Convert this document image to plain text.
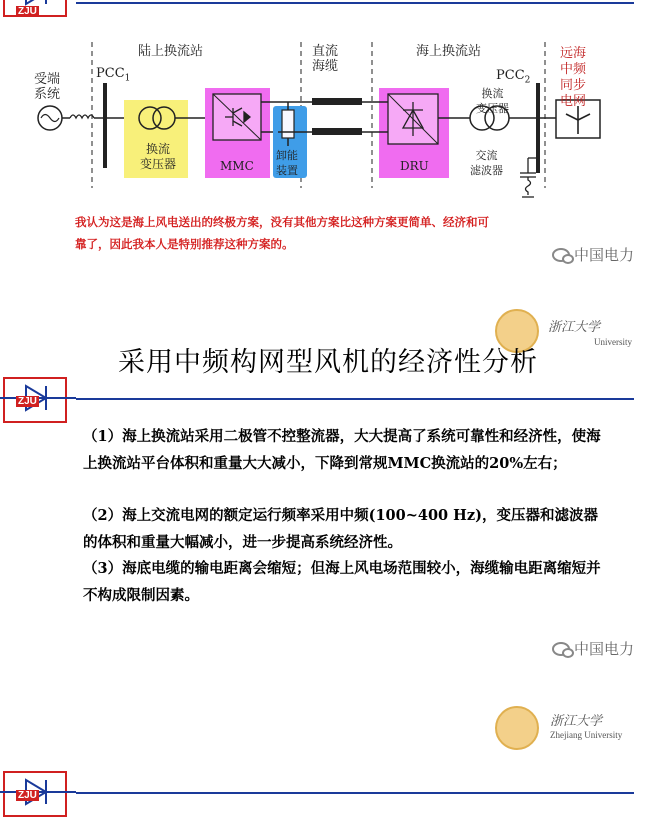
ZJU
陆上换流站	直流
海缆
海上换流站
受端
系统
$PCC_1$
换流
变压器	MMC
卸能
装置	DRU
换流
变压器
$PCC_2$
交流
滤波器
远海
中频
同步
电网
我认为这是海上风电送出的终极方案，没有其他方案比这种方案更简单、经济和可
靠了，因此我本人是特别推荐这种方案的。
中国电力
浙江大学
University
采用中频构网型风机的经济性分析
ZJU
（1）海上换流站采用二极管不控整流器，大大提高了系统可靠性和经济性，使海上换流站平台体积和重量大大减小，下降到常规MMC换流站的20%左右；
（2）海上交流电网的额定运行频率采用中频(100~400 Hz)，变压器和滤波器的体积和重量大幅减小，进一步提高系统经济性。
（3）海底电缆的输电距离会缩短；但海上风电场范围较小，海缆输电距离缩短并不构成限制因素。
中国电力
浙江大学
Zhejiang University
ZJU
